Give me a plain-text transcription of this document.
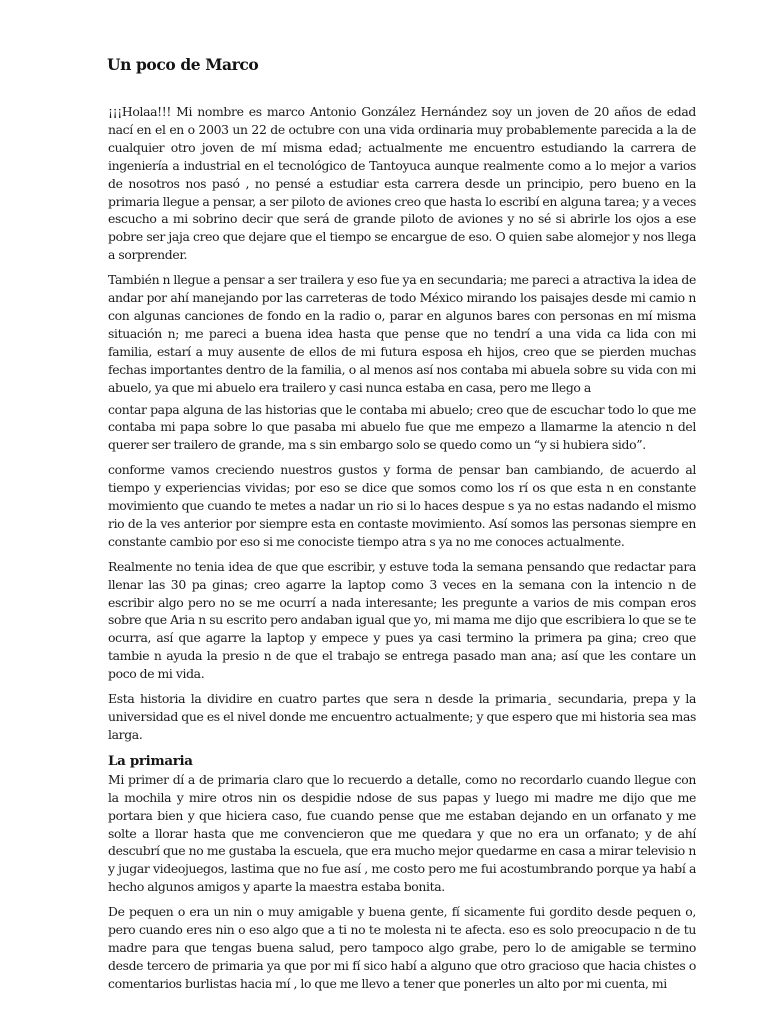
Un poco de Marco

¡¡¡Holaa!!! Mi nombre es marco Antonio González Hernández soy un joven de 20 años de edad nací en el en o 2003 un 22 de octubre con una vida ordinaria muy probablemente parecida a la de cualquier otro joven de mí misma edad; actualmente me encuentro estudiando la carrera de ingeniería a industrial en el tecnológico de Tantoyuca aunque realmente como a lo mejor a varios de nosotros nos pasó , no pensé a estudiar esta carrera desde un principio, pero bueno en la primaria llegue a pensar, a ser piloto de aviones creo que hasta lo escribí en alguna tarea; y a veces escucho a mi sobrino decir que será de grande piloto de aviones y no sé si abrirle los ojos a ese pobre ser jaja creo que dejare que el tiempo se encargue de eso. O quien sabe alomejor y nos llega a sorprender.

También n llegue a pensar a ser trailera y eso fue ya en secundaria; me pareci a atractiva la idea de andar por ahí manejando por las carreteras de todo México mirando los paisajes desde mi camio n con algunas canciones de fondo en la radio o, parar en algunos bares con personas en mí misma situación n; me pareci a buena idea hasta que pense que no tendrí a una vida ca lida con mi familia, estarí a muy ausente de ellos de mi futura esposa eh hijos, creo que se pierden muchas fechas importantes dentro de la familia, o al menos así nos contaba mi abuela sobre su vida con mi abuelo, ya que mi abuelo era trailero y casi nunca estaba en casa, pero me llego a

contar papa alguna de las historias que le contaba mi abuelo; creo que de escuchar todo lo que me contaba mi papa sobre lo que pasaba mi abuelo fue que me empezo a llamarme la atencio n del querer ser trailero de grande, ma s sin embargo solo se quedo como un “y si hubiera sido”.

conforme vamos creciendo nuestros gustos y forma de pensar ban cambiando, de acuerdo al tiempo y experiencias vividas; por eso se dice que somos como los rí os que esta n en constante movimiento que cuando te metes a nadar un rio si lo haces despue s ya no estas nadando el mismo rio de la ves anterior por siempre esta en contaste movimiento. Así somos las personas siempre en constante cambio por eso si me conociste tiempo atra s ya no me conoces actualmente.

Realmente no tenia idea de que que escribir, y estuve toda la semana pensando que redactar para llenar las 30 pa ginas; creo agarre la laptop como 3 veces en la semana con la intencio n de escribir algo pero no se me ocurrí a nada interesante; les pregunte a varios de mis compan eros sobre que Aria n su escrito pero andaban igual que yo, mi mama me dijo que escribiera lo que se te ocurra, así que agarre la laptop y empece y pues ya casi termino la primera pa gina; creo que tambie n ayuda la presio n de que el trabajo se entrega pasado man ana; así que les contare un poco de mi vida.

Esta historia la dividire en cuatro partes que sera n desde la primaria¸ secundaria, prepa y la universidad que es el nivel donde me encuentro actualmente; y que espero que mi historia sea mas larga.

La primaria

Mi primer dí a de primaria claro que lo recuerdo a detalle, como no recordarlo cuando llegue con la mochila y mire otros nin os despidie ndose de sus papas y luego mi madre me dijo que me portara bien y que hiciera caso, fue cuando pense que me estaban dejando en un orfanato y me solte a llorar hasta que me convencieron que me quedara y que no era un orfanato; y de ahí descubrí que no me gustaba la escuela, que era mucho mejor quedarme en casa a mirar televisio n y jugar videojuegos, lastima que no fue así , me costo pero me fui acostumbrando porque ya habí a hecho algunos amigos y aparte la maestra estaba bonita.

De pequen o era un nin o muy amigable y buena gente, fí sicamente fui gordito desde pequen o, pero cuando eres nin o eso algo que a ti no te molesta ni te afecta. eso es solo preocupacio n de tu madre para que tengas buena salud, pero tampoco algo grabe, pero lo de amigable se termino desde tercero de primaria ya que por mi fí sico habí a alguno que otro gracioso que hacia chistes o comentarios burlistas hacia mí , lo que me llevo a tener que ponerles un alto por mi cuenta, mi
